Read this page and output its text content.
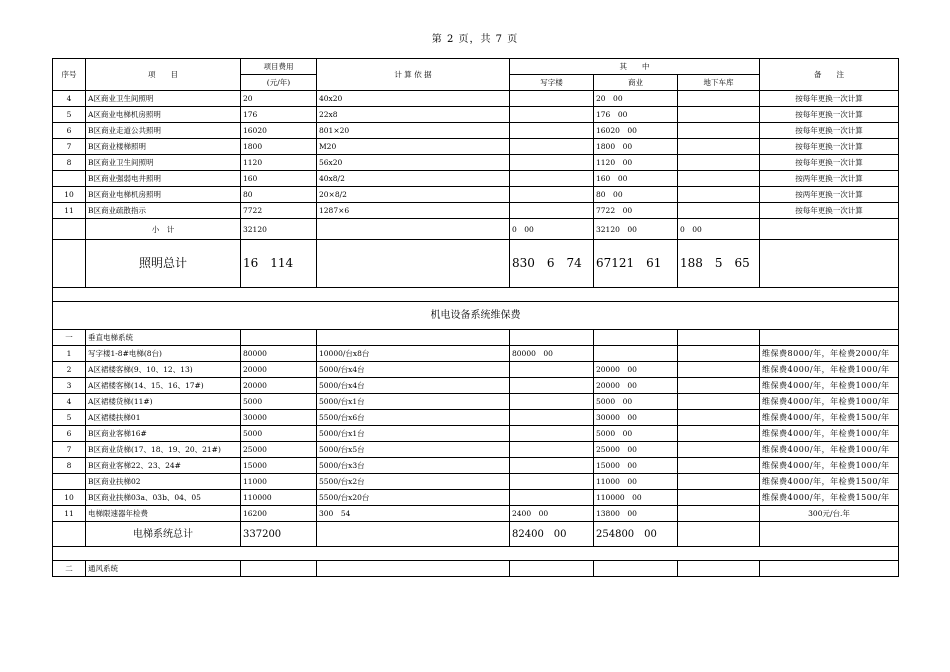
第 2 页，共 7 页
序号	项　　目	项目费用	计 算 依 据	其　　中			备　　注
		(元/年)		写字楼	商业	地下车库	
4	A区商业卫生间照明	20	40x20		20　00		按每年更换一次计算
5	A区商业电梯机房照明	176	22x8		176　00		按每年更换一次计算
6	B区商业走道公共照明	16020	801×20		16020　00		按每年更换一次计算
7	B区商业楼梯照明	1800	M20		1800　00		按每年更换一次计算
8	B区商业卫生间照明	1120	56x20		1120　00		按每年更换一次计算
	B区商业强弱电井照明	160	40x8/2		160　00		按两年更换一次计算
10	B区商业电梯机房照明	80	20×8/2		80　00		按两年更换一次计算
11	B区商业疏散指示	7722	1287×6		7722　00		按每年更换一次计算
	小　计	32120		0　00	32120　00	0　00	
	照明总计	16　114		830　6　74	67121　61	188　5　65	

机电设备系统维保费							
一	垂直电梯系统						
1	写字楼1-8#电梯(8台)	80000	10000/台x8台	80000　00			维保费8000/年，年检费2000/年
2	A区裙楼客梯(9、10、12、13)	20000	5000/台x4台		20000　00		维保费4000/年，年检费1000/年
3	A区裙楼客梯(14、15、16、17#)	20000	5000/台x4台		20000　00		维保费4000/年，年检费1000/年
4	A区裙楼货梯(11#)	5000	5000/台x1台		5000　00		维保费4000/年，年检费1000/年
5	A区裙楼扶梯01	30000	5500/台x6台		30000　00		维保费4000/年，年检费1500/年
6	B区商业客梯16#	5000	5000/台x1台		5000　00		维保费4000/年，年检费1000/年
7	B区商业货梯(17、18、19、20、21#)	25000	5000/台x5台		25000　00		维保费4000/年，年检费1000/年
8	B区商业客梯22、23、24#	15000	5000/台x3台		15000　00		维保费4000/年，年检费1000/年
	B区商业扶梯02	11000	5500/台x2台		11000　00		维保费4000/年，年检费1500/年
10	B区商业扶梯03a、03b、04、05	110000	5500/台x20台		110000　00		维保费4000/年，年检费1500/年
11	电梯限速器年检费	16200	300　54	2400　00	13800　00		300元/台.年
	电梯系统总计	337200		82400　00	254800　00		

二	通风系统						
